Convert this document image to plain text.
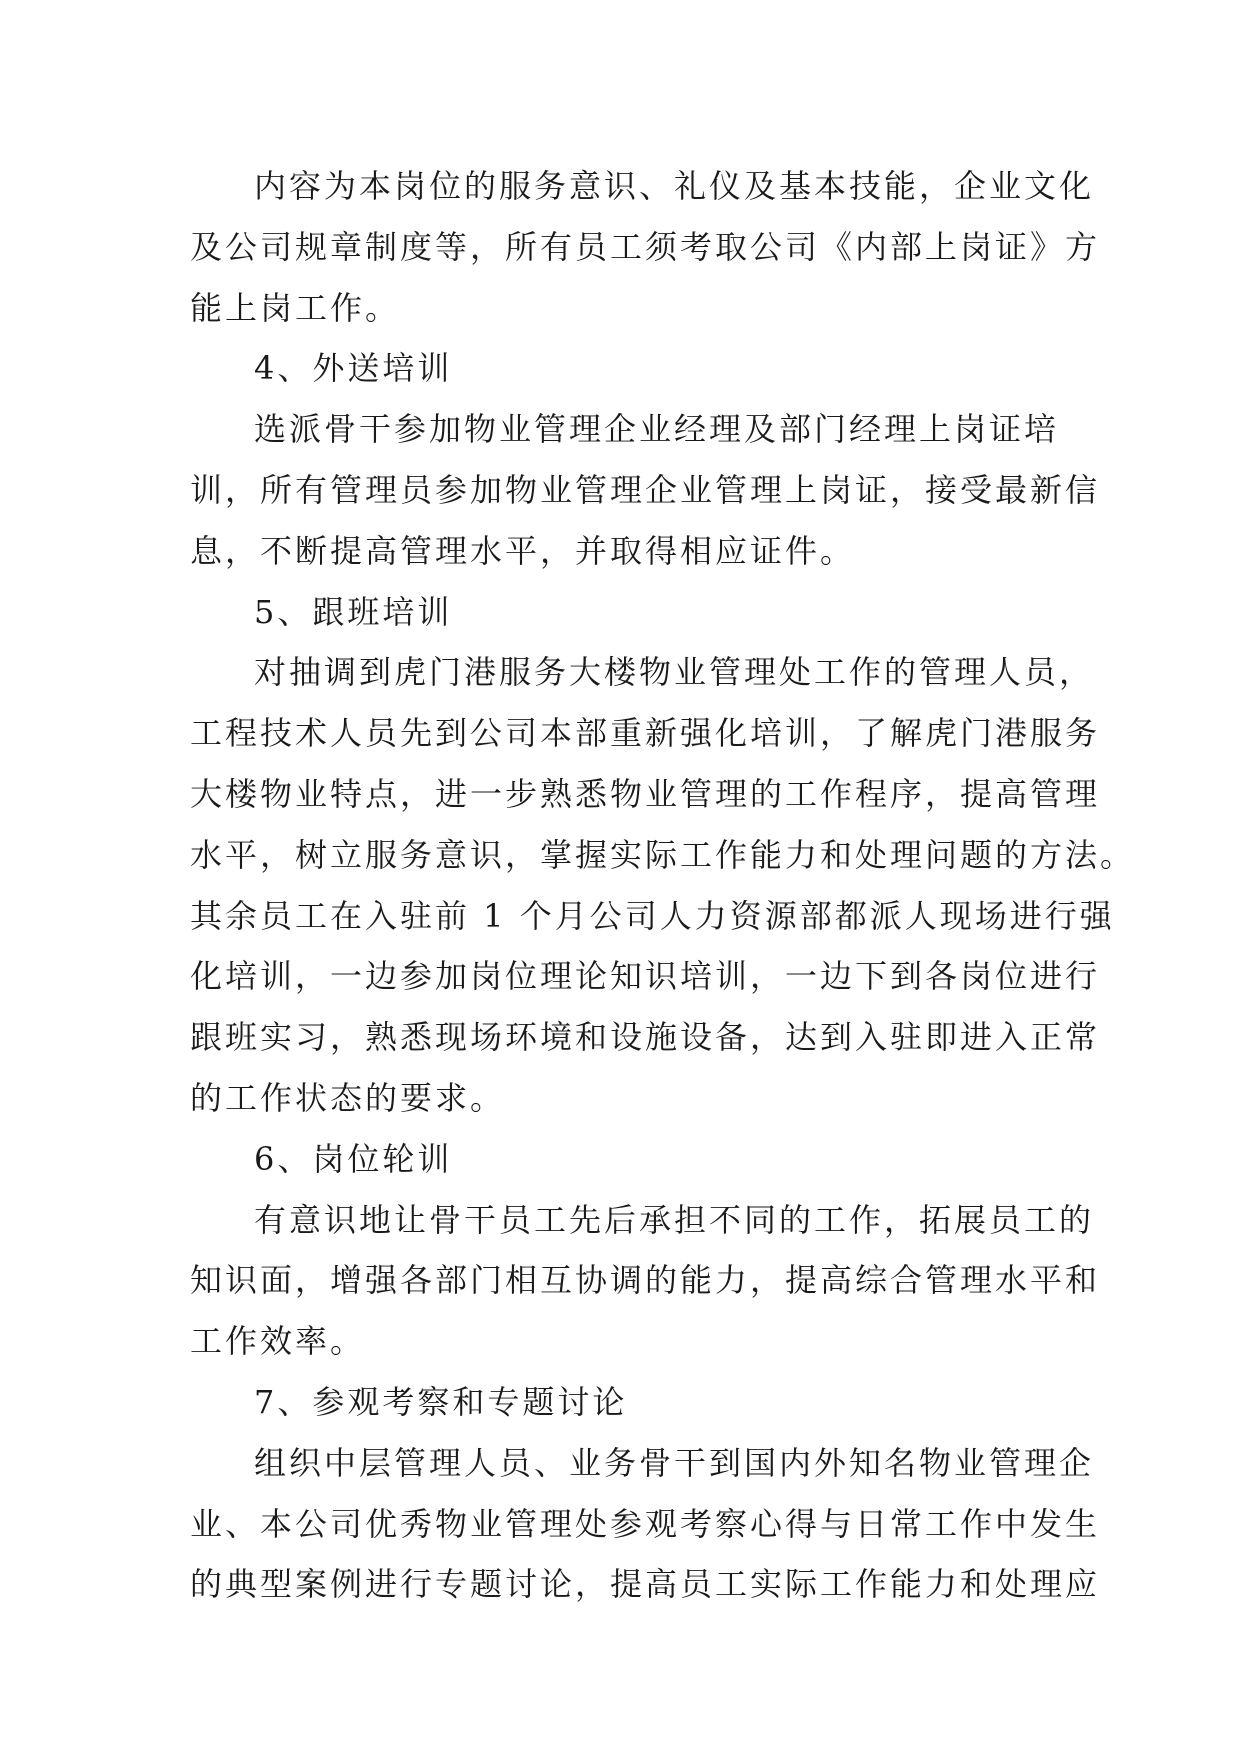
内容为本岗位的服务意识、礼仪及基本技能，企业文化
及公司规章制度等，所有员工须考取公司《内部上岗证》方
能上岗工作。
4、外送培训
选派骨干参加物业管理企业经理及部门经理上岗证培
训，所有管理员参加物业管理企业管理上岗证，接受最新信
息，不断提高管理水平，并取得相应证件。
5、跟班培训
对抽调到虎门港服务大楼物业管理处工作的管理人员，
工程技术人员先到公司本部重新强化培训，了解虎门港服务
大楼物业特点，进一步熟悉物业管理的工作程序，提高管理
水平，树立服务意识，掌握实际工作能力和处理问题的方法。
其余员工在入驻前 1 个月公司人力资源部都派人现场进行强
化培训，一边参加岗位理论知识培训，一边下到各岗位进行
跟班实习，熟悉现场环境和设施设备，达到入驻即进入正常
的工作状态的要求。
6、岗位轮训
有意识地让骨干员工先后承担不同的工作，拓展员工的
知识面，增强各部门相互协调的能力，提高综合管理水平和
工作效率。
7、参观考察和专题讨论
组织中层管理人员、业务骨干到国内外知名物业管理企
业、本公司优秀物业管理处参观考察心得与日常工作中发生
的典型案例进行专题讨论，提高员工实际工作能力和处理应
